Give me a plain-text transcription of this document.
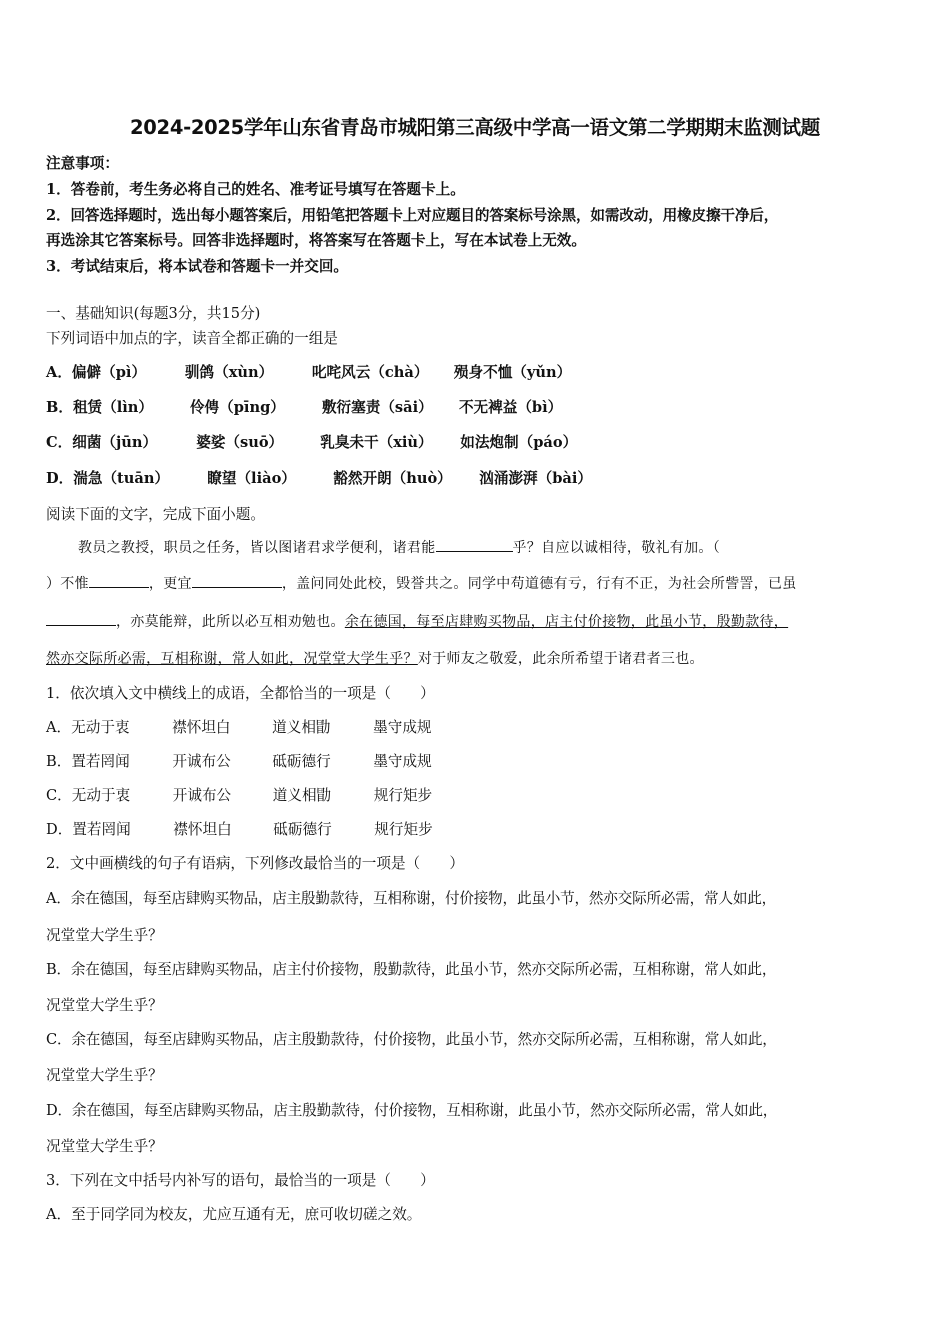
2024-2025学年山东省青岛市城阳第三高级中学高一语文第二学期期末监测试题
注意事项：
1．答卷前，考生务必将自己的姓名、准考证号填写在答题卡上。
2．回答选择题时，选出每小题答案后，用铅笔把答题卡上对应题目的答案标号涂黑，如需改动，用橡皮擦干净后，
再选涂其它答案标号。回答非选择题时，将答案写在答题卡上，写在本试卷上无效。
3．考试结束后，将本试卷和答题卡一并交回。
一、基础知识(每题3分，共15分)
下列词语中加点的字，读音全都正确的一组是
A．偏僻（pì）	驯鸽（xùn）	叱咤风云（chà） 殒身不恤（yǔn）
B．租赁（lìn）	伶俜（pīng）	敷衍塞责（sāi） 不无裨益（bì）
C．细菌（jūn）	婆娑（suō）	乳臭未干（xiù） 如法炮制（páo）
D．湍急（tuān）	瞭望（liào）	豁然开朗（huò） 汹涌澎湃（bài）
阅读下面的文字，完成下面小题。
教员之教授，职员之任务，皆以图诸君求学便利，诸君能	乎？自应以诚相待，敬礼有加。（
）不惟	，更宜	，盖问同处此校，毁誉共之。同学中苟道德有亏，行有不正，为社会所訾詈，已虽
，亦莫能辩，此所以必互相劝勉也。余在德国，每至店肆购买物品，店主付价接物，此虽小节，殷勤款待，
然亦交际所必需，互相称谢，常人如此，况堂堂大学生乎？对于师友之敬爱，此余所希望于诸君者三也。
1．依次填入文中横线上的成语，全都恰当的一项是（　　）
A．无动于衷	襟怀坦白	道义相勖	墨守成规
B．置若罔闻	开诚布公	砥砺德行	墨守成规
C．无动于衷	开诚布公	道义相勖	规行矩步
D．置若罔闻	襟怀坦白	砥砺德行	规行矩步
2．文中画横线的句子有语病，下列修改最恰当的一项是（　　）
A．余在德国，每至店肆购买物品，店主殷勤款待，互相称谢，付价接物，此虽小节，然亦交际所必需，常人如此，
况堂堂大学生乎？
B．余在德国，每至店肆购买物品，店主付价接物，殷勤款待，此虽小节，然亦交际所必需，互相称谢，常人如此，
况堂堂大学生乎？
C．余在德国，每至店肆购买物品，店主殷勤款待，付价接物，此虽小节，然亦交际所必需，互相称谢，常人如此，
况堂堂大学生乎？
D．余在德国，每至店肆购买物品，店主殷勤款待，付价接物，互相称谢，此虽小节，然亦交际所必需，常人如此，
况堂堂大学生乎？
3．下列在文中括号内补写的语句，最恰当的一项是（　　）
A．至于同学同为校友，尤应互通有无，庶可收切磋之效。
